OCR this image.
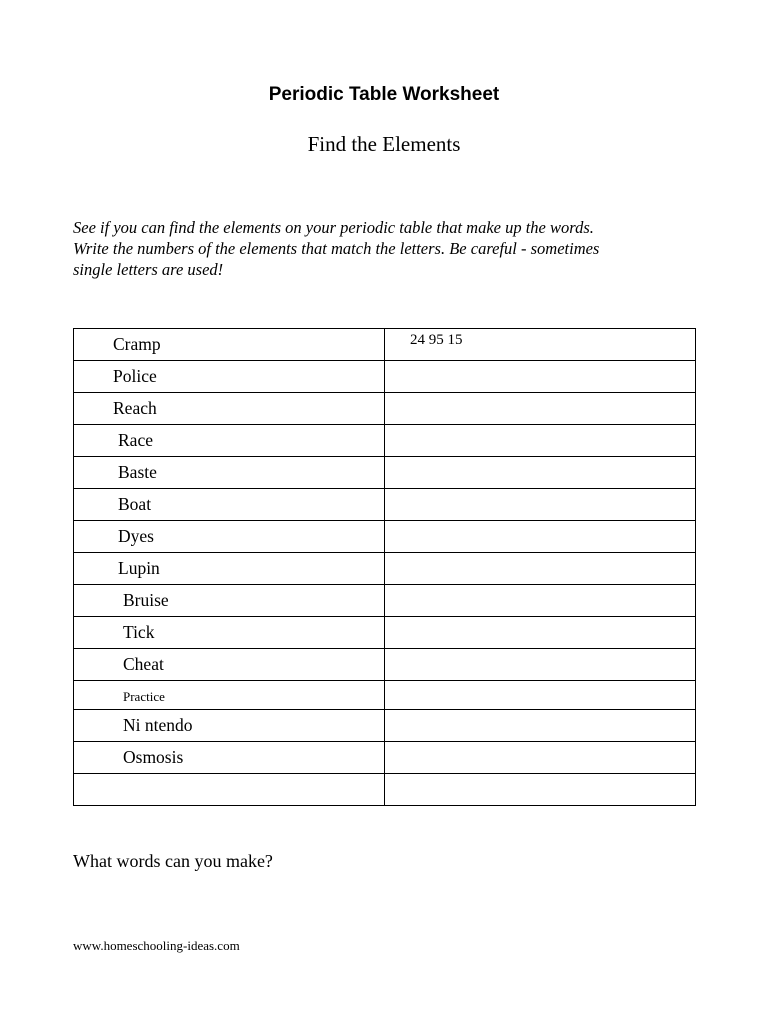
Periodic Table Worksheet
Find the Elements
See if you can find the elements on your periodic table that make up the words.
Write the numbers of the elements that match the letters. Be careful - sometimes
single letters are used!
Cramp	24 95 15
Police	
Reach	
Race	
Baste	
Boat	
Dyes	
Lupin	
Bruise	
Tick	
Cheat	
Practice	
Ni ntendo	
Osmosis	

What words can you make?
www.homeschooling-ideas.com
